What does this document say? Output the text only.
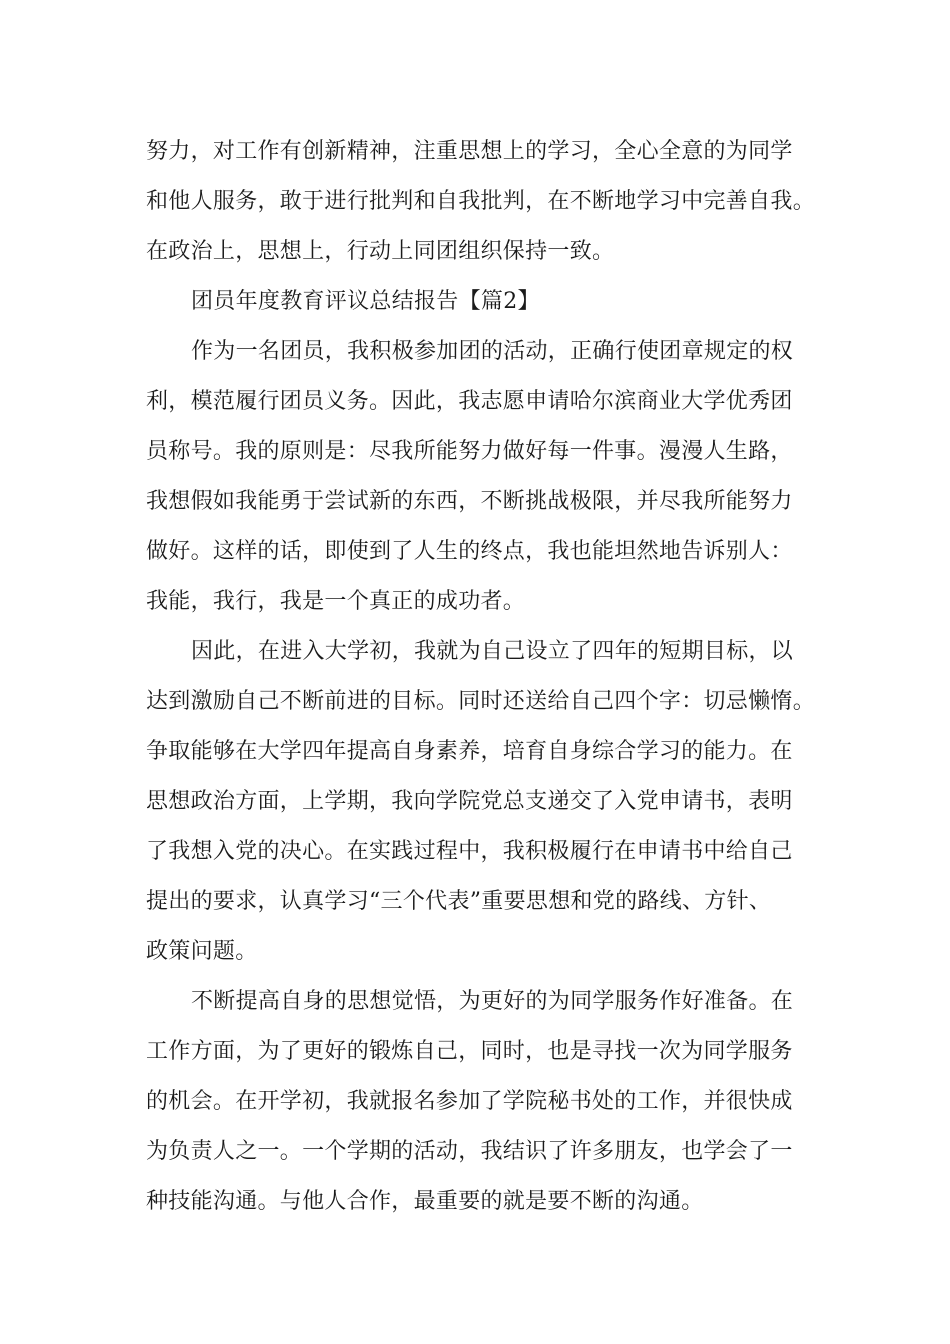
努力，对工作有创新精神，注重思想上的学习，全心全意的为同学
和他人服务，敢于进行批判和自我批判，在不断地学习中完善自我。
在政治上，思想上，行动上同团组织保持一致。
团员年度教育评议总结报告【篇2】
作为一名团员，我积极参加团的活动，正确行使团章规定的权
利，模范履行团员义务。因此，我志愿申请哈尔滨商业大学优秀团
员称号。我的原则是：尽我所能努力做好每一件事。漫漫人生路，
我想假如我能勇于尝试新的东西，不断挑战极限，并尽我所能努力
做好。这样的话，即使到了人生的终点，我也能坦然地告诉别人：
我能，我行，我是一个真正的成功者。
因此，在进入大学初，我就为自己设立了四年的短期目标，以
达到激励自己不断前进的目标。同时还送给自己四个字：切忌懒惰。
争取能够在大学四年提高自身素养，培育自身综合学习的能力。在
思想政治方面，上学期，我向学院党总支递交了入党申请书，表明
了我想入党的决心。在实践过程中，我积极履行在申请书中给自己
提出的要求，认真学习“三个代表”重要思想和党的路线、方针、
政策问题。
不断提高自身的思想觉悟，为更好的为同学服务作好准备。在
工作方面，为了更好的锻炼自己，同时，也是寻找一次为同学服务
的机会。在开学初，我就报名参加了学院秘书处的工作，并很快成
为负责人之一。一个学期的活动，我结识了许多朋友，也学会了一
种技能沟通。与他人合作，最重要的就是要不断的沟通。
